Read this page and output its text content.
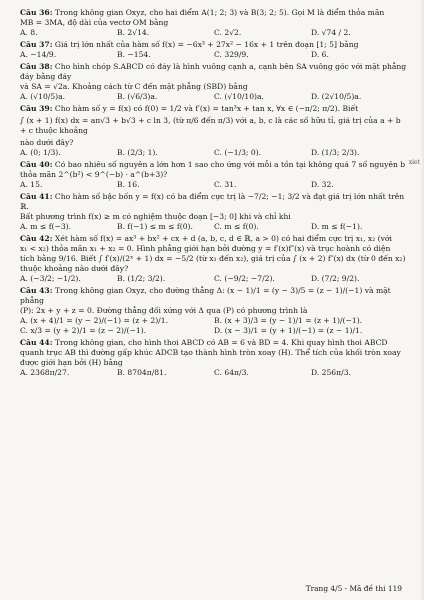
Câu 36: Trong không gian Oxyz, cho hai điểm A(1; 2; 3) và B(3; 2; 5). Gọi M là điểm thỏa mãn
MB = 3MA, độ dài của vectơ OM bằng
A. 8.	B. 2√14.	C. 2√2.	D. √74 / 2.
Câu 37: Giá trị lớn nhất của hàm số f(x) = −6x³ + 27x² − 16x + 1 trên đoạn [1; 5] bằng
A. −14/9.	B. −154.	C. 329/9.	D. 6.
Câu 38: Cho hình chóp S.ABCD có đáy là hình vuông cạnh a, cạnh bên SA vuông góc với mặt phẳng đáy bằng đáy
và SA = √2a. Khoảng cách từ C đến mặt phẳng (SBD) bằng
A. (√10/5)a.	B. (√6/3)a.	C. (√10/10)a.	D. (2√10/5)a.
Câu 39: Cho hàm số y = f(x) có f(0) = 1/2 và f′(x) = tan³x + tan x, ∀x ∈ (−π/2; π/2). Biết
∫ (x + 1) f(x) dx = aπ√3 + b√3 + c ln 3, (từ π/6 đến π/3) với a, b, c là các số hữu tỉ, giá trị của a + b + c thuộc khoảng
nào dưới đây?
A. (0; 1/3).	B. (2/3; 1).	C. (−1/3; 0).	D. (1/3; 2/3).
Câu 40: Có bao nhiêu số nguyên a lớn hơn 1 sao cho ứng với mỗi a tồn tại không quá 7 số nguyên b
thỏa mãn 2^(b²) < 9^(−b) · a^(b+3)?
A. 15.	B. 16.	C. 31.	D. 32.
Câu 41: Cho hàm số bậc bốn y = f(x) có ba điểm cực trị là −7/2; −1; 3/2 và đạt giá trị lớn nhất trên ℝ.
Bất phương trình f(x) ≥ m có nghiệm thuộc đoạn [−3; 0] khi và chỉ khi
A. m ≤ f(−3).	B. f(−1) ≤ m ≤ f(0).	C. m ≤ f(0).	D. m ≤ f(−1).
Câu 42: Xét hàm số f(x) = ax³ + bx² + cx + d (a, b, c, d ∈ ℝ, a > 0) có hai điểm cực trị x₁, x₂ (với
x₁ < x₂) thỏa mãn x₁ + x₂ = 0. Hình phẳng giới hạn bởi đường y = f′(x)f″(x) và trục hoành có diện
tích bằng 9/16. Biết ∫ f′(x)/(2ˣ + 1) dx = −5/2 (từ x₁ đến x₂), giá trị của ∫ (x + 2) f″(x) dx (từ 0 đến x₂) thuộc khoảng nào dưới đây?
A. (−3/2; −1/2).	B. (1/2; 3/2).	C. (−9/2; −7/2).	D. (7/2; 9/2).
Câu 43: Trong không gian Oxyz, cho đường thẳng Δ: (x − 1)/1 = (y − 3)/5 = (z − 1)/(−1) và mặt phẳng
(P): 2x + y + z = 0. Đường thẳng đối xứng với Δ qua (P) có phương trình là
A. (x + 4)/1 = (y − 2)/(−1) = (z + 2)/1.	B. (x + 3)/3 = (y − 1)/1 = (z + 1)/(−1).
C. x/3 = (y + 2)/1 = (z − 2)/(−1).	D. (x − 3)/1 = (y + 1)/(−1) = (z − 1)/1.
Câu 44: Trong không gian, cho hình thoi ABCD có AB = 6 và BD = 4. Khi quay hình thoi ABCD
quanh trục AB thì đường gấp khúc ADCB tạo thành hình tròn xoay (H). Thể tích của khối tròn xoay
được giới hạn bởi (H) bằng
A. 2368π/27.	B. 8704π/81.	C. 64π/3.	D. 256π/3.
xiet
Trang 4/5 - Mã đề thi 119
